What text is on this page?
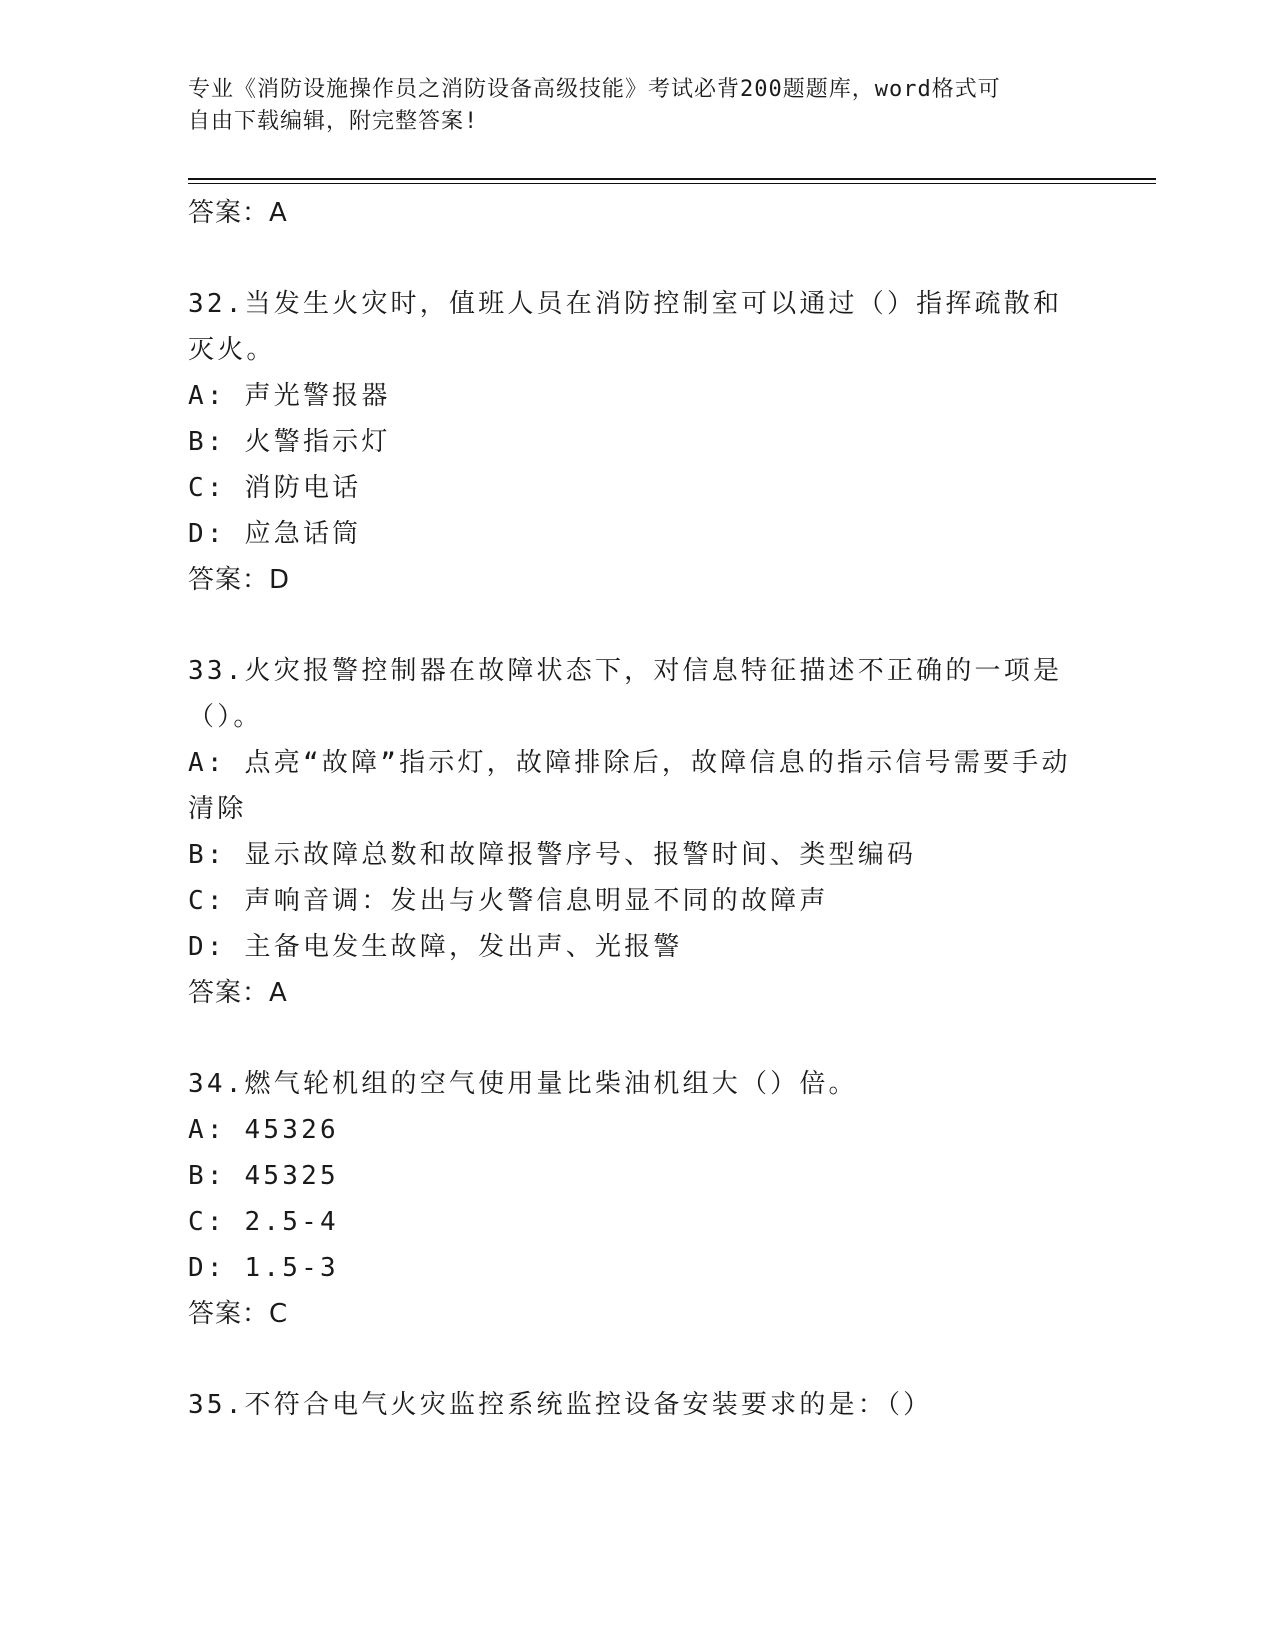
专业《消防设施操作员之消防设备高级技能》考试必背200题题库，word格式可
自由下载编辑，附完整答案!
答案：A
32.当发生火灾时，值班人员在消防控制室可以通过（）指挥疏散和灭火。
A: 声光警报器
B: 火警指示灯
C: 消防电话
D: 应急话筒
答案：D
33.火灾报警控制器在故障状态下，对信息特征描述不正确的一项是（）。
A: 点亮“故障”指示灯，故障排除后，故障信息的指示信号需要手动清除
B: 显示故障总数和故障报警序号、报警时间、类型编码
C: 声响音调：发出与火警信息明显不同的故障声
D: 主备电发生故障，发出声、光报警
答案：A
34.燃气轮机组的空气使用量比柴油机组大（）倍。
A: 45326
B: 45325
C: 2.5-4
D: 1.5-3
答案：C
35.不符合电气火灾监控系统监控设备安装要求的是：（）
